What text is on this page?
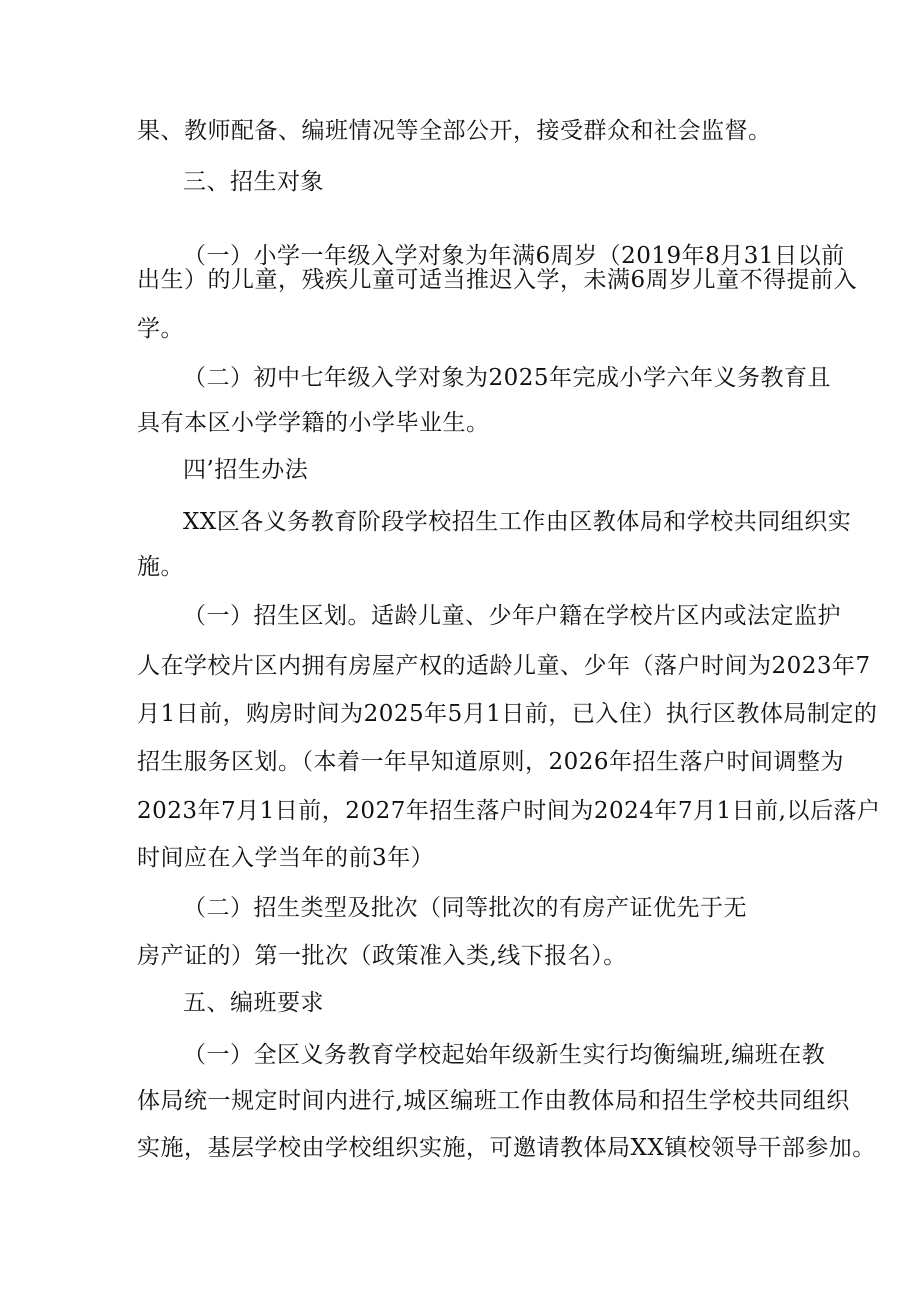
果、教师配备、编班情况等全部公开，接受群众和社会监督。
三、招生对象
（一）小学一年级入学对象为年满6周岁（2019年8月31日以前
出生）的儿童，残疾儿童可适当推迟入学，未满6周岁儿童不得提前入
学。
（二）初中七年级入学对象为2025年完成小学六年义务教育且
具有本区小学学籍的小学毕业生。
四’招生办法
XX区各义务教育阶段学校招生工作由区教体局和学校共同组织实
施。
（一）招生区划。适龄儿童、少年户籍在学校片区内或法定监护
人在学校片区内拥有房屋产权的适龄儿童、少年（落户时间为2023年7
月1日前，购房时间为2025年5月1日前，已入住）执行区教体局制定的
招生服务区划。（本着一年早知道原则，2026年招生落户时间调整为
2023年7月1日前，2027年招生落户时间为2024年7月1日前,以后落户
时间应在入学当年的前3年）
（二）招生类型及批次（同等批次的有房产证优先于无
房产证的）第一批次（政策准入类,线下报名）。
五、编班要求
（一）全区义务教育学校起始年级新生实行均衡编班,编班在教
体局统一规定时间内进行,城区编班工作由教体局和招生学校共同组织
实施，基层学校由学校组织实施，可邀请教体局XX镇校领导干部参加。
